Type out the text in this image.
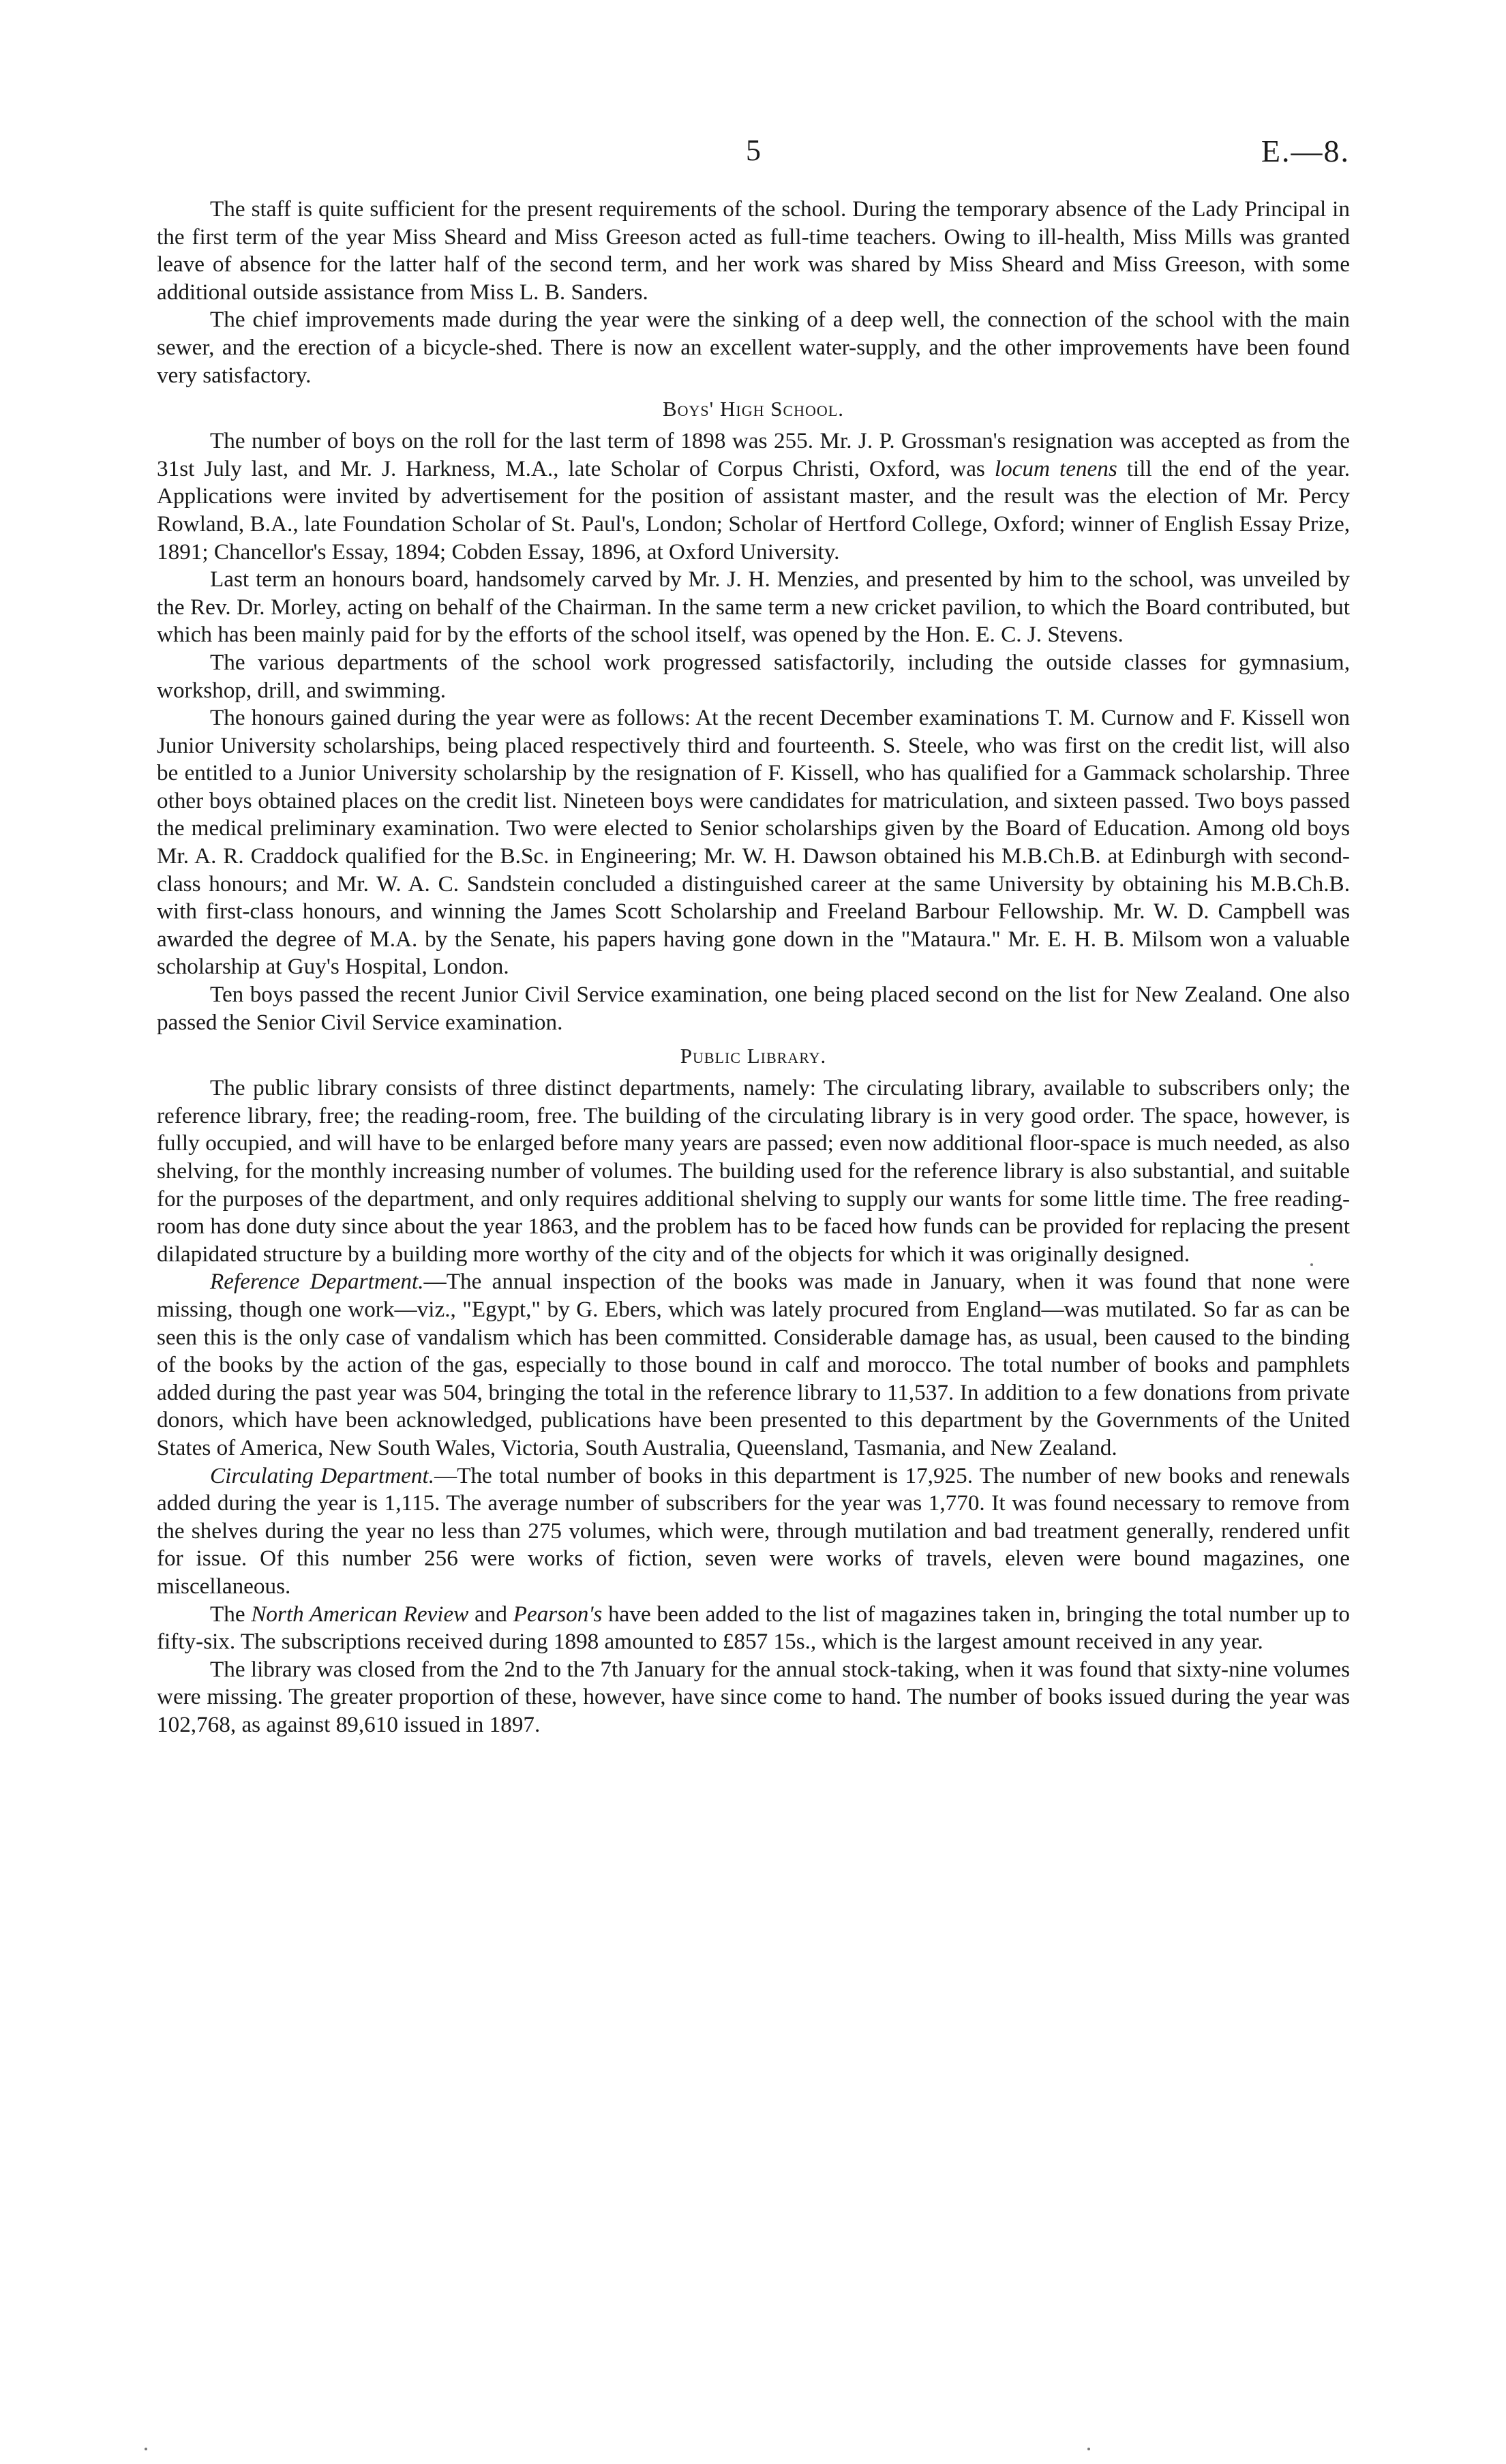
5	E.—8.

The staff is quite sufficient for the present requirements of the school. During the temporary absence of the Lady Principal in the first term of the year Miss Sheard and Miss Greeson acted as full-time teachers. Owing to ill-health, Miss Mills was granted leave of absence for the latter half of the second term, and her work was shared by Miss Sheard and Miss Greeson, with some additional outside assistance from Miss L. B. Sanders.

The chief improvements made during the year were the sinking of a deep well, the connection of the school with the main sewer, and the erection of a bicycle-shed. There is now an excellent water-supply, and the other improvements have been found very satisfactory.

Boys' High School.

The number of boys on the roll for the last term of 1898 was 255. Mr. J. P. Grossman's resignation was accepted as from the 31st July last, and Mr. J. Harkness, M.A., late Scholar of Corpus Christi, Oxford, was locum tenens till the end of the year. Applications were invited by advertisement for the position of assistant master, and the result was the election of Mr. Percy Rowland, B.A., late Foundation Scholar of St. Paul's, London; Scholar of Hertford College, Oxford; winner of English Essay Prize, 1891; Chancellor's Essay, 1894; Cobden Essay, 1896, at Oxford University.

Last term an honours board, handsomely carved by Mr. J. H. Menzies, and presented by him to the school, was unveiled by the Rev. Dr. Morley, acting on behalf of the Chairman. In the same term a new cricket pavilion, to which the Board contributed, but which has been mainly paid for by the efforts of the school itself, was opened by the Hon. E. C. J. Stevens.

The various departments of the school work progressed satisfactorily, including the outside classes for gymnasium, workshop, drill, and swimming.

The honours gained during the year were as follows: At the recent December examinations T. M. Curnow and F. Kissell won Junior University scholarships, being placed respectively third and fourteenth. S. Steele, who was first on the credit list, will also be entitled to a Junior University scholarship by the resignation of F. Kissell, who has qualified for a Gammack scholarship. Three other boys obtained places on the credit list. Nineteen boys were candidates for matriculation, and sixteen passed. Two boys passed the medical preliminary examination. Two were elected to Senior scholarships given by the Board of Education. Among old boys Mr. A. R. Craddock qualified for the B.Sc. in Engineering; Mr. W. H. Dawson obtained his M.B.Ch.B. at Edinburgh with second-class honours; and Mr. W. A. C. Sandstein concluded a distinguished career at the same University by obtaining his M.B.Ch.B. with first-class honours, and winning the James Scott Scholarship and Freeland Barbour Fellowship. Mr. W. D. Campbell was awarded the degree of M.A. by the Senate, his papers having gone down in the "Mataura." Mr. E. H. B. Milsom won a valuable scholarship at Guy's Hospital, London.

Ten boys passed the recent Junior Civil Service examination, one being placed second on the list for New Zealand. One also passed the Senior Civil Service examination.

Public Library.

The public library consists of three distinct departments, namely: The circulating library, available to subscribers only; the reference library, free; the reading-room, free. The building of the circulating library is in very good order. The space, however, is fully occupied, and will have to be enlarged before many years are passed; even now additional floor-space is much needed, as also shelving, for the monthly increasing number of volumes. The building used for the reference library is also substantial, and suitable for the purposes of the department, and only requires additional shelving to supply our wants for some little time. The free reading-room has done duty since about the year 1863, and the problem has to be faced how funds can be provided for replacing the present dilapidated structure by a building more worthy of the city and of the objects for which it was originally designed.

Reference Department.—The annual inspection of the books was made in January, when it was found that none were missing, though one work—viz., "Egypt," by G. Ebers, which was lately procured from England—was mutilated. So far as can be seen this is the only case of vandalism which has been committed. Considerable damage has, as usual, been caused to the binding of the books by the action of the gas, especially to those bound in calf and morocco. The total number of books and pamphlets added during the past year was 504, bringing the total in the reference library to 11,537. In addition to a few donations from private donors, which have been acknowledged, publications have been presented to this department by the Governments of the United States of America, New South Wales, Victoria, South Australia, Queensland, Tasmania, and New Zealand.

Circulating Department.—The total number of books in this department is 17,925. The number of new books and renewals added during the year is 1,115. The average number of subscribers for the year was 1,770. It was found necessary to remove from the shelves during the year no less than 275 volumes, which were, through mutilation and bad treatment generally, rendered unfit for issue. Of this number 256 were works of fiction, seven were works of travels, eleven were bound magazines, one miscellaneous.

The North American Review and Pearson's have been added to the list of magazines taken in, bringing the total number up to fifty-six. The subscriptions received during 1898 amounted to £857 15s., which is the largest amount received in any year.

The library was closed from the 2nd to the 7th January for the annual stock-taking, when it was found that sixty-nine volumes were missing. The greater proportion of these, however, have since come to hand. The number of books issued during the year was 102,768, as against 89,610 issued in 1897.
